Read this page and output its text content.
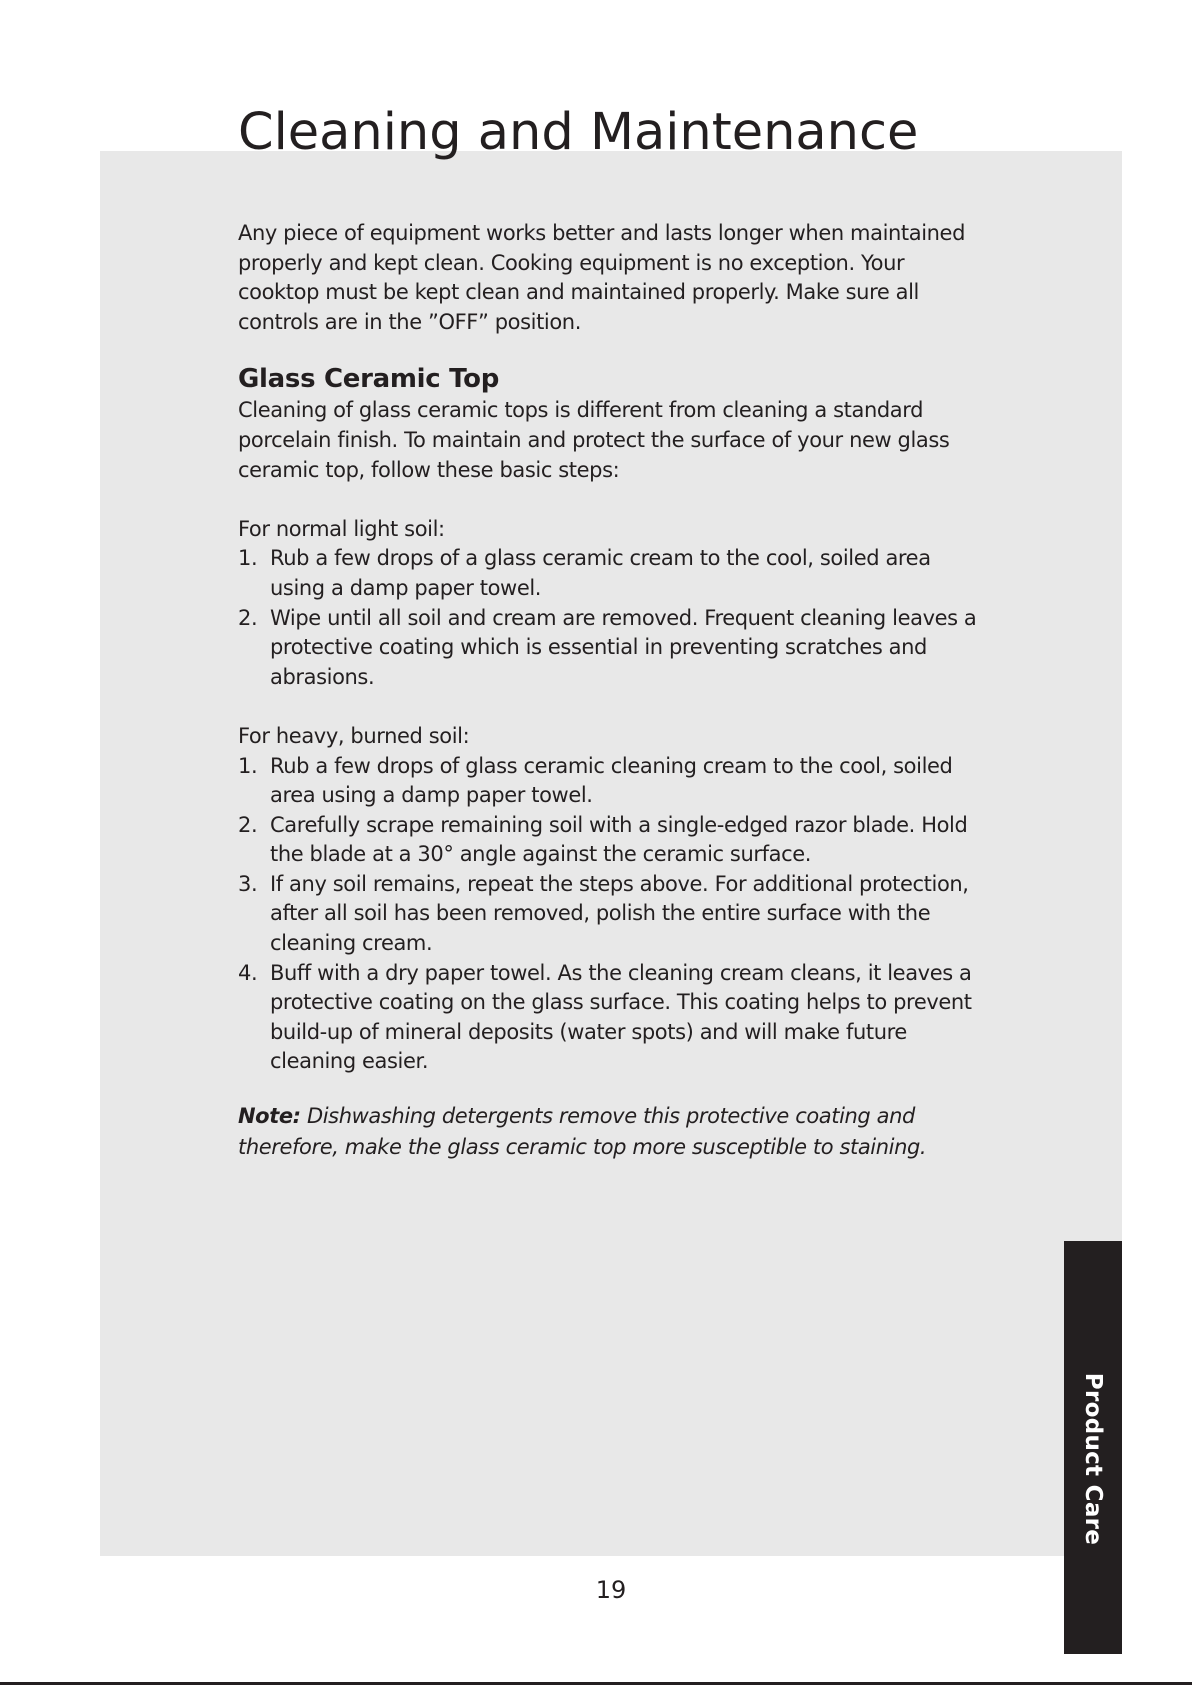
Cleaning and Maintenance

Any piece of equipment works better and lasts longer when maintained properly and kept clean. Cooking equipment is no exception. Your cooktop must be kept clean and maintained properly. Make sure all controls are in the ”OFF” position.

Glass Ceramic Top

Cleaning of glass ceramic tops is different from cleaning a standard porcelain finish. To maintain and protect the surface of your new glass ceramic top, follow these basic steps:

For normal light soil:

1. Rub a few drops of a glass ceramic cream to the cool, soiled area using a damp paper towel.
2. Wipe until all soil and cream are removed. Frequent cleaning leaves a protective coating which is essential in preventing scratches and abrasions.

For heavy, burned soil:

1. Rub a few drops of glass ceramic cleaning cream to the cool, soiled area using a damp paper towel.
2. Carefully scrape remaining soil with a single-edged razor blade. Hold the blade at a 30° angle against the ceramic surface.
3. If any soil remains, repeat the steps above. For additional protection, after all soil has been removed, polish the entire surface with the cleaning cream.
4. Buff with a dry paper towel. As the cleaning cream cleans, it leaves a protective coating on the glass surface. This coating helps to prevent build-up of mineral deposits (water spots) and will make future cleaning easier.

Note: Dishwashing detergents remove this protective coating and therefore, make the glass ceramic top more susceptible to staining.

19
Product Care
